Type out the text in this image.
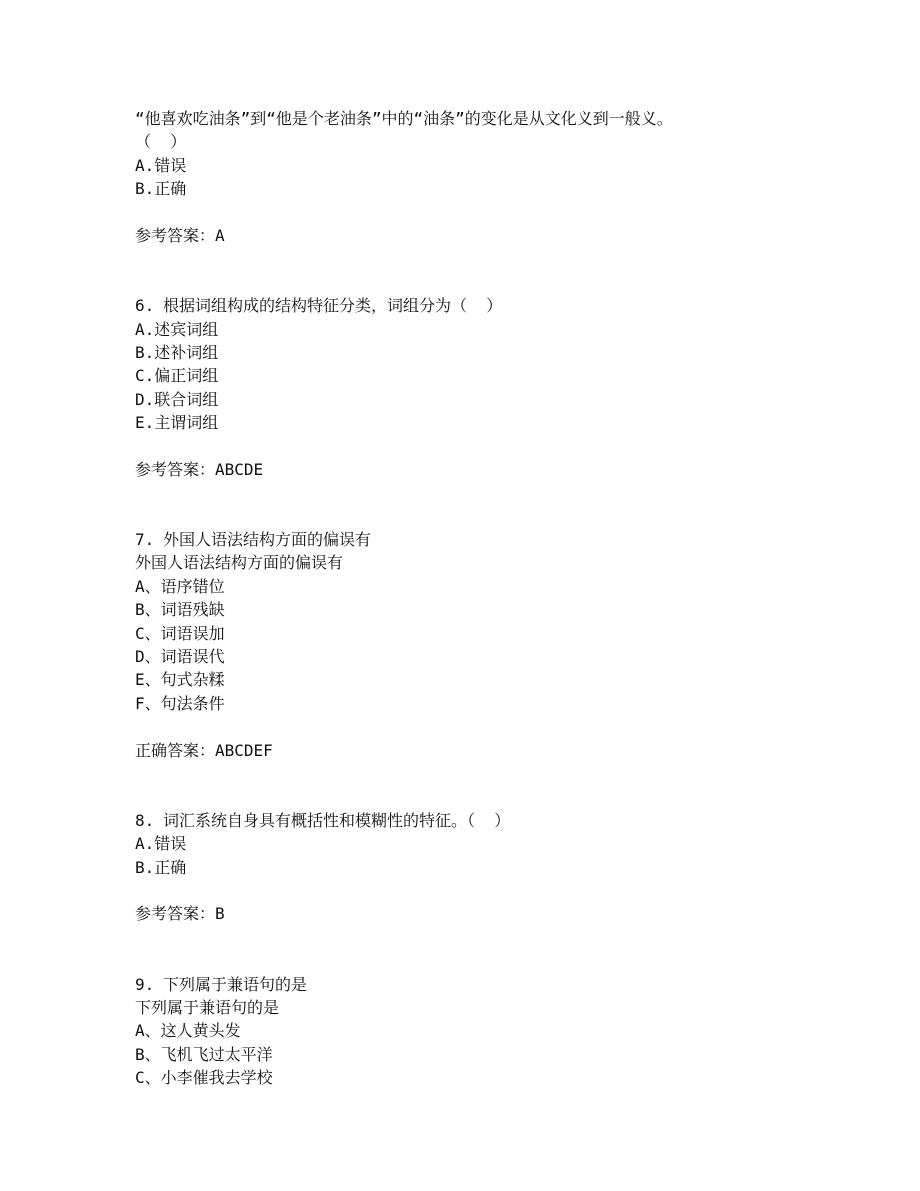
“他喜欢吃油条”到“他是个老油条”中的“油条”的变化是从文化义到一般义。
（  ）
A.错误
B.正确
参考答案：A
6. 根据词组构成的结构特征分类，词组分为（  ）
A.述宾词组
B.述补词组
C.偏正词组
D.联合词组
E.主谓词组
参考答案：ABCDE
7. 外国人语法结构方面的偏误有
外国人语法结构方面的偏误有
A、语序错位
B、词语残缺
C、词语误加
D、词语误代
E、句式杂糅
F、句法条件
正确答案：ABCDEF
8. 词汇系统自身具有概括性和模糊性的特征。（  ）
A.错误
B.正确
参考答案：B
9. 下列属于兼语句的是
下列属于兼语句的是
A、这人黄头发
B、飞机飞过太平洋
C、小李催我去学校
